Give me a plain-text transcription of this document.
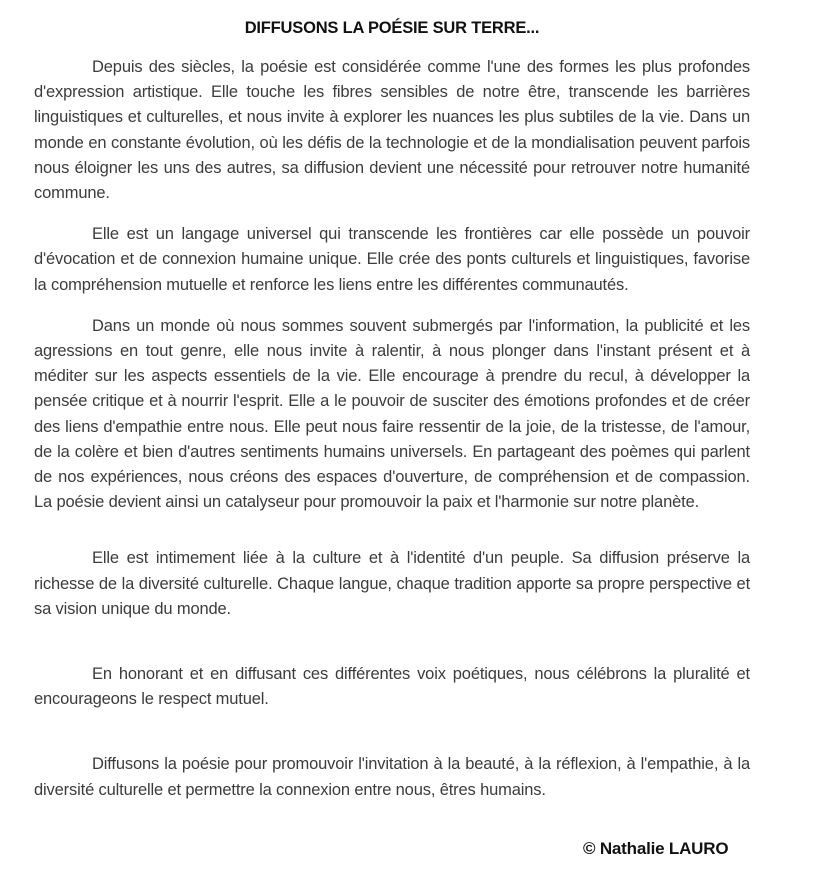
DIFFUSONS LA POÉSIE SUR TERRE...

Depuis des siècles, la poésie est considérée comme l'une des formes les plus profondes d'expression artistique. Elle touche les fibres sensibles de notre être, transcende les barrières linguistiques et culturelles, et nous invite à explorer les nuances les plus subtiles de la vie. Dans un monde en constante évolution, où les défis de la technologie et de la mondialisation peuvent parfois nous éloigner les uns des autres, sa diffusion devient une nécessité pour retrouver notre humanité commune.

Elle est un langage universel qui transcende les frontières car elle possède un pouvoir d'évocation et de connexion humaine unique. Elle crée des ponts culturels et linguistiques, favorise la compréhension mutuelle et renforce les liens entre les différentes communautés.

Dans un monde où nous sommes souvent submergés par l'information, la publicité et les agressions en tout genre, elle nous invite à ralentir, à nous plonger dans l'instant présent et à méditer sur les aspects essentiels de la vie. Elle encourage à prendre du recul, à développer la pensée critique et à nourrir l'esprit. Elle a le pouvoir de susciter des émotions profondes et de créer des liens d'empathie entre nous. Elle peut nous faire ressentir de la joie, de la tristesse, de l'amour, de la colère et bien d'autres sentiments humains universels. En partageant des poèmes qui parlent de nos expériences, nous créons des espaces d'ouverture, de compréhension et de compassion. La poésie devient ainsi un catalyseur pour promouvoir la paix et l'harmonie sur notre planète.

Elle est intimement liée à la culture et à l'identité d'un peuple. Sa diffusion préserve la richesse de la diversité culturelle. Chaque langue, chaque tradition apporte sa propre perspective et sa vision unique du monde.

En honorant et en diffusant ces différentes voix poétiques, nous célébrons la pluralité et encourageons le respect mutuel.

Diffusons la poésie pour promouvoir l'invitation à la beauté, à la réflexion, à l'empathie, à la diversité culturelle et permettre la connexion entre nous, êtres humains.

© Nathalie LAURO
